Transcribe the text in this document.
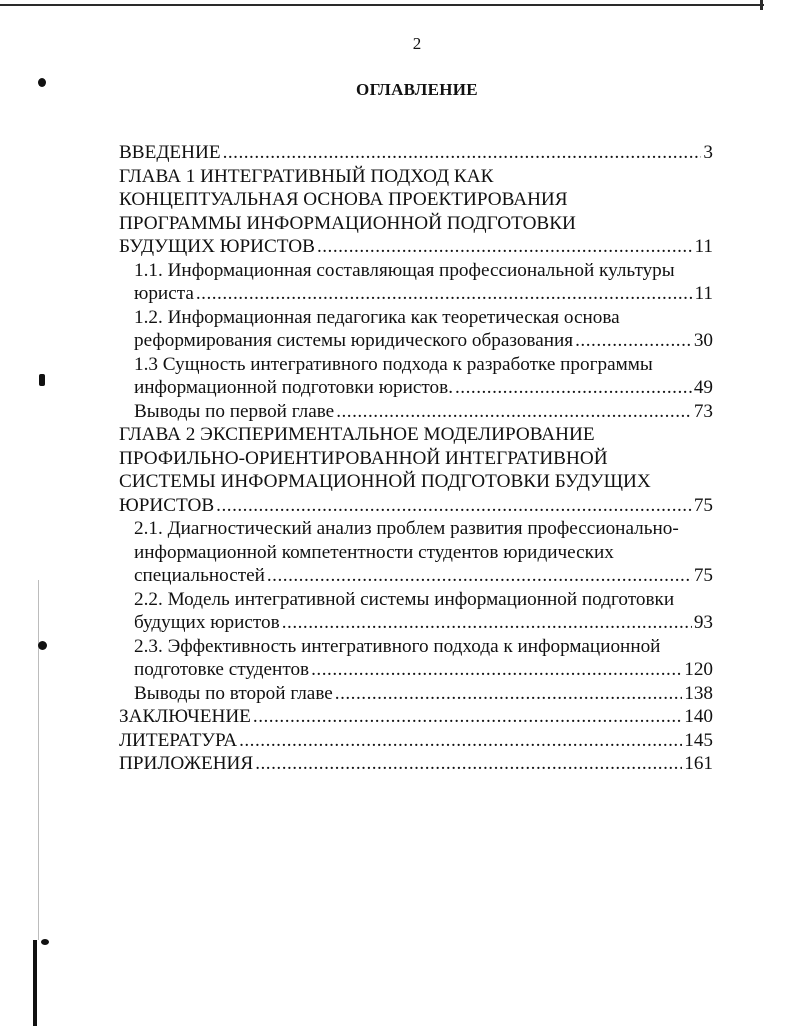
2
ОГЛАВЛЕНИЕ
ВВЕДЕНИЕ .....	3
ГЛАВА 1 ИНТЕГРАТИВНЫЙ ПОДХОД КАК
КОНЦЕПТУАЛЬНАЯ ОСНОВА ПРОЕКТИРОВАНИЯ
ПРОГРАММЫ ИНФОРМАЦИОННОЙ ПОДГОТОВКИ
БУДУЩИХ ЮРИСТОВ .....	11
1.1. Информационная составляющая профессиональной культуры
юриста .....	11
1.2. Информационная педагогика как теоретическая основа
реформирования системы юридического образования .....	30
1.3 Сущность интегративного подхода к разработке программы
информационной подготовки юристов. .....	49
Выводы по первой главе .....	73
ГЛАВА 2 ЭКСПЕРИМЕНТАЛЬНОЕ МОДЕЛИРОВАНИЕ
ПРОФИЛЬНО-ОРИЕНТИРОВАННОЙ ИНТЕГРАТИВНОЙ
СИСТЕМЫ ИНФОРМАЦИОННОЙ ПОДГОТОВКИ БУДУЩИХ
ЮРИСТОВ .....	75
2.1. Диагностический анализ проблем развития профессионально-
информационной компетентности студентов юридических
специальностей .....	75
2.2. Модель интегративной системы информационной подготовки
будущих юристов .....	93
2.3. Эффективность интегративного подхода к информационной
подготовке студентов .....	120
Выводы по второй главе .....	138
ЗАКЛЮЧЕНИЕ .....	140
ЛИТЕРАТУРА .....	145
ПРИЛОЖЕНИЯ .....	161
